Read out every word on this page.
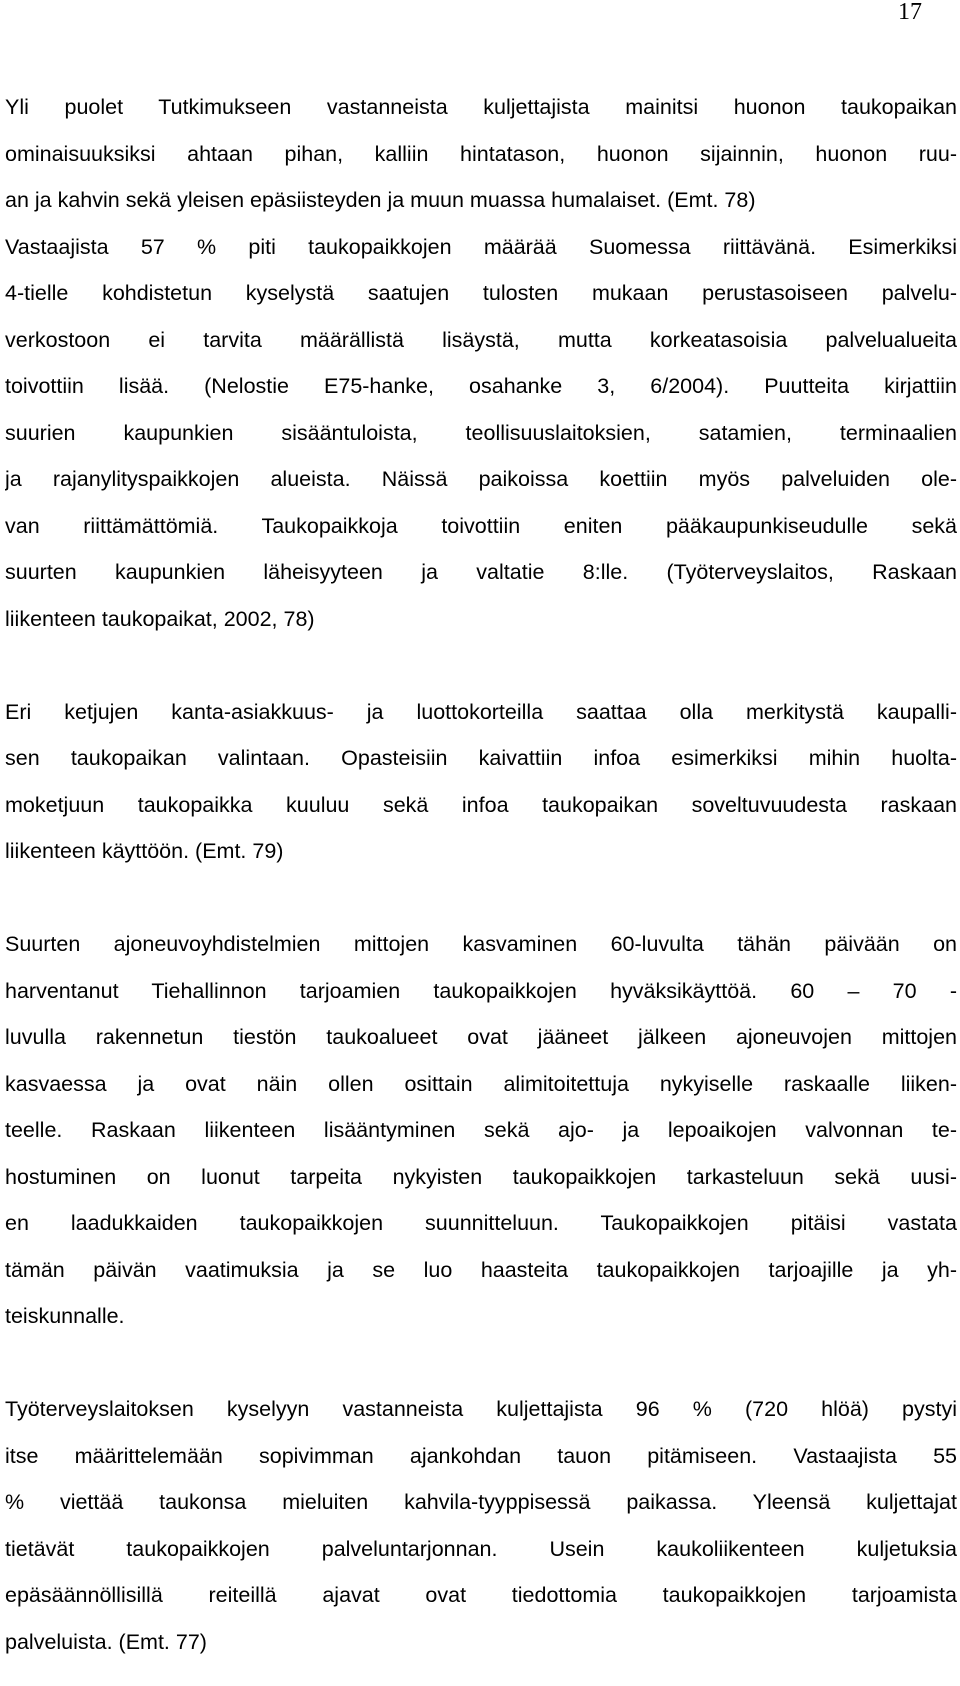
17

Yli puolet Tutkimukseen vastanneista kuljettajista mainitsi huonon taukopaikan
ominaisuuksiksi ahtaan pihan, kalliin hintatason, huonon sijainnin, huonon ruu-
an ja kahvin sekä yleisen epäsiisteyden ja muun muassa humalaiset. (Emt. 78)
Vastaajista 57 % piti taukopaikkojen määrää Suomessa riittävänä. Esimerkiksi
4-tielle kohdistetun kyselystä saatujen tulosten mukaan perustasoiseen palvelu-
verkostoon ei tarvita määrällistä lisäystä, mutta korkeatasoisia palvelualueita
toivottiin lisää. (Nelostie E75-hanke, osahanke 3, 6/2004). Puutteita kirjattiin
suurien kaupunkien sisääntuloista, teollisuuslaitoksien, satamien, terminaalien
ja rajanylityspaikkojen alueista. Näissä paikoissa koettiin myös palveluiden ole-
van riittämättömiä. Taukopaikkoja toivottiin eniten pääkaupunkiseudulle sekä
suurten kaupunkien läheisyyteen ja valtatie 8:lle. (Työterveyslaitos, Raskaan
liikenteen taukopaikat, 2002, 78)
Eri ketjujen kanta-asiakkuus- ja luottokorteilla saattaa olla merkitystä kaupalli-
sen taukopaikan valintaan. Opasteisiin kaivattiin infoa esimerkiksi mihin huolta-
moketjuun taukopaikka kuuluu sekä infoa taukopaikan soveltuvuudesta raskaan
liikenteen käyttöön. (Emt. 79)
Suurten ajoneuvoyhdistelmien mittojen kasvaminen 60-luvulta tähän päivään on
harventanut Tiehallinnon tarjoamien taukopaikkojen hyväksikäyttöä. 60 – 70 -
luvulla rakennetun tiestön taukoalueet ovat jääneet jälkeen ajoneuvojen mittojen
kasvaessa ja ovat näin ollen osittain alimitoitettuja nykyiselle raskaalle liiken-
teelle. Raskaan liikenteen lisääntyminen sekä ajo- ja lepoaikojen valvonnan te-
hostuminen on luonut tarpeita nykyisten taukopaikkojen tarkasteluun sekä uusi-
en laadukkaiden taukopaikkojen suunnitteluun. Taukopaikkojen pitäisi vastata
tämän päivän vaatimuksia ja se luo haasteita taukopaikkojen tarjoajille ja yh-
teiskunnalle.
Työterveyslaitoksen kyselyyn vastanneista kuljettajista 96 % (720 hlöä) pystyi
itse määrittelemään sopivimman ajankohdan tauon pitämiseen. Vastaajista 55
% viettää taukonsa mieluiten kahvila-tyyppisessä paikassa. Yleensä kuljettajat
tietävät taukopaikkojen palveluntarjonnan. Usein kaukoliikenteen kuljetuksia
epäsäännöllisillä reiteillä ajavat ovat tiedottomia taukopaikkojen tarjoamista
palveluista. (Emt. 77)
